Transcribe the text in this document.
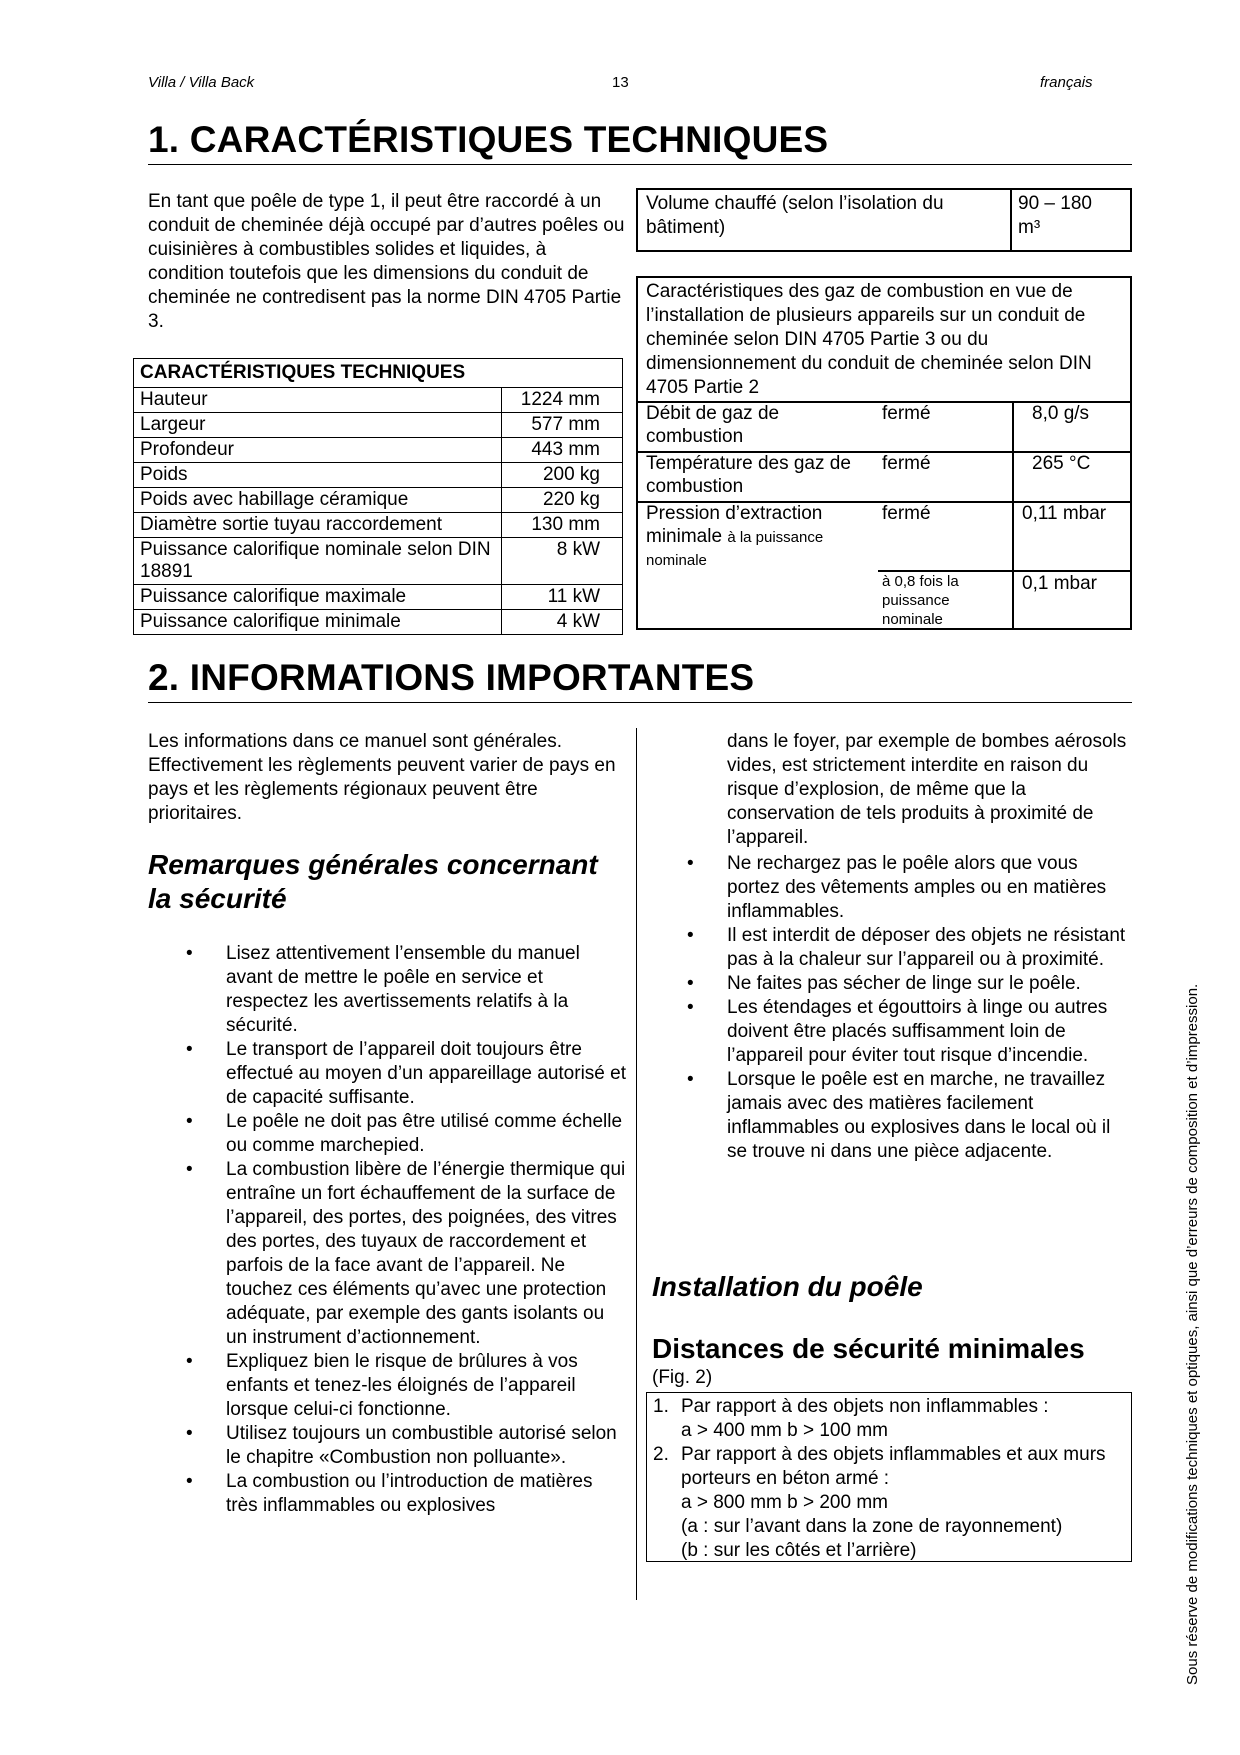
Villa / Villa Back	13	français
1. CARACTÉRISTIQUES TECHNIQUES
En tant que poêle de type 1, il peut être raccordé à un conduit de cheminée déjà occupé par d’autres poêles ou cuisinières à combustibles solides et liquides, à condition toutefois que les dimensions du conduit de cheminée ne contredisent pas la norme DIN 4705 Partie 3.
CARACTÉRISTIQUES TECHNIQUES	
Hauteur	1224 mm
Largeur	577 mm
Profondeur	443 mm
Poids	200 kg
Poids avec habillage céramique	220 kg
Diamètre sortie tuyau raccordement	130 mm
Puissance calorifique nominale selon DIN 18891	8 kW
Puissance calorifique maximale	11 kW
Puissance calorifique minimale	4 kW
Volume chauffé (selon l’isolation du bâtiment)
90 – 180 m³
Caractéristiques des gaz de combustion en vue de l’installation de plusieurs appareils sur un conduit de cheminée selon DIN 4705 Partie 3 ou du dimensionnement du conduit de cheminée selon DIN 4705 Partie 2
Débit de gaz de combustion
fermé	8,0 g/s
Température des gaz de combustion
fermé	265 °C
Pression d’extraction minimale à la puissance nominale
fermé	0,11 mbar
à 0,8 fois la puissance nominale
0,1 mbar
2. INFORMATIONS IMPORTANTES
Les informations dans ce manuel sont générales. Effectivement les règlements peuvent varier de pays en pays et les règlements régionaux peuvent être prioritaires.
Remarques générales concernant la sécurité
• Lisez attentivement l’ensemble du manuel avant de mettre le poêle en service et respectez les avertissements relatifs à la sécurité.
• Le transport de l’appareil doit toujours être effectué au moyen d’un appareillage autorisé et de capacité suffisante.
• Le poêle ne doit pas être utilisé comme échelle ou comme marchepied.
• La combustion libère de l’énergie thermique qui entraîne un fort échauffement de la surface de l’appareil, des portes, des poignées, des vitres des portes, des tuyaux de raccordement et parfois de la face avant de l’appareil. Ne touchez ces éléments qu’avec une protection adéquate, par exemple des gants isolants ou un instrument d’actionnement.
• Expliquez bien le risque de brûlures à vos enfants et tenez-les éloignés de l’appareil lorsque celui-ci fonctionne.
• Utilisez toujours un combustible autorisé selon le chapitre «Combustion non polluante».
• La combustion ou l’introduction de matières très inflammables ou explosives
dans le foyer, par exemple de bombes aérosols vides, est strictement interdite en raison du risque d’explosion, de même que la conservation de tels produits à proximité de l’appareil.
• Ne rechargez pas le poêle alors que vous portez des vêtements amples ou en matières inflammables.
• Il est interdit de déposer des objets ne résistant pas à la chaleur sur l’appareil ou à proximité.
• Ne faites pas sécher de linge sur le poêle.
• Les étendages et égouttoirs à linge ou autres doivent être placés suffisamment loin de l’appareil pour éviter tout risque d’incendie.
• Lorsque le poêle est en marche, ne travaillez jamais avec des matières facilement inflammables ou explosives dans le local où il se trouve ni dans une pièce adjacente.
Installation du poêle
Distances de sécurité minimales
(Fig. 2)
1. Par rapport à des objets non inflammables :
a > 400 mm b > 100 mm
2. Par rapport à des objets inflammables et aux murs porteurs en béton armé :
a > 800 mm b > 200 mm
(a : sur l’avant dans la zone de rayonnement)
(b : sur les côtés et l’arrière)	Sous réserve de modifications techniques et optiques, ainsi que d’erreurs de composition et d’impression.
